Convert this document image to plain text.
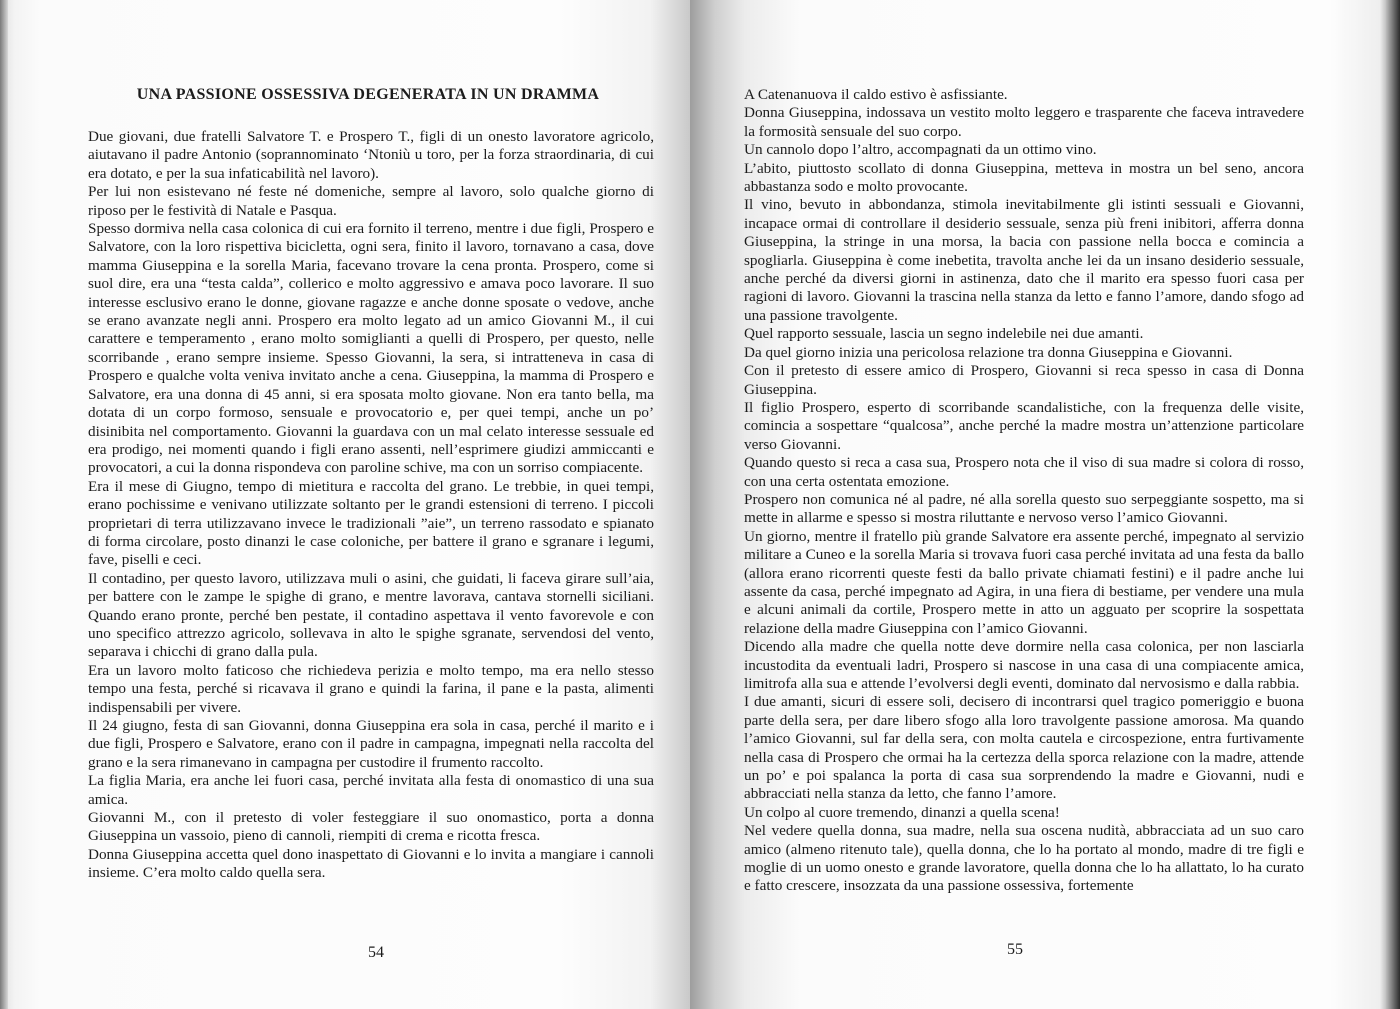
UNA PASSIONE OSSESSIVA DEGENERATA IN UN DRAMMA

Due giovani, due fratelli Salvatore T. e Prospero T., figli di un onesto lavoratore agricolo, aiutavano il padre Antonio (soprannominato ‘Ntoniù u toro, per la forza straordinaria, di cui era dotato, e per la sua infaticabilità nel lavoro).

Per lui non esistevano né feste né domeniche, sempre al lavoro, solo qualche giorno di riposo per le festività di Natale e Pasqua.

Spesso dormiva nella casa colonica di cui era fornito il terreno, mentre i due figli, Prospero e Salvatore, con la loro rispettiva bicicletta, ogni sera, finito il lavoro, tornavano a casa, dove mamma Giuseppina e la sorella Maria, facevano trovare la cena pronta. Prospero, come si suol dire, era una “testa calda”, collerico e molto aggressivo e amava poco lavorare. Il suo interesse esclusivo erano le donne, giovane ragazze e anche donne sposate o vedove, anche se erano avanzate negli anni. Prospero era molto legato ad un amico Giovanni M., il cui carattere e temperamento , erano molto somiglianti a quelli di Prospero, per questo, nelle scorribande , erano sempre insieme. Spesso Giovanni, la sera, si intratteneva in casa di Prospero e qualche volta veniva invitato anche a cena. Giuseppina, la mamma di Prospero e Salvatore, era una donna di 45 anni, si era sposata molto giovane. Non era tanto bella, ma dotata di un corpo formoso, sensuale e provocatorio e, per quei tempi, anche un po’ disinibita nel comportamento. Giovanni la guardava con un mal celato interesse sessuale ed era prodigo, nei momenti quando i figli erano assenti, nell’esprimere giudizi ammiccanti e provocatori, a cui la donna rispondeva con paroline schive, ma con un sorriso compiacente.

Era il mese di Giugno, tempo di mietitura e raccolta del grano. Le trebbie, in quei tempi, erano pochissime e venivano utilizzate soltanto per le grandi estensioni di terreno. I piccoli proprietari di terra utilizzavano invece le tradizionali ”aie”, un terreno rassodato e spianato di forma circolare, posto dinanzi le case coloniche, per battere il grano e sgranare i legumi, fave, piselli e ceci.

Il contadino, per questo lavoro, utilizzava muli o asini, che guidati, li faceva girare sull’aia, per battere con le zampe le spighe di grano, e mentre lavorava, cantava stornelli siciliani. Quando erano pronte, perché ben pestate, il contadino aspettava il vento favorevole e con uno specifico attrezzo agricolo, sollevava in alto le spighe sgranate, servendosi del vento, separava i chicchi di grano dalla pula.

Era un lavoro molto faticoso che richiedeva perizia e molto tempo, ma era nello stesso tempo una festa, perché si ricavava il grano e quindi la farina, il pane e la pasta, alimenti indispensabili per vivere.

Il 24 giugno, festa di san Giovanni, donna Giuseppina era sola in casa, perché il marito e i due figli, Prospero e Salvatore, erano con il padre in campagna, impegnati nella raccolta del grano e la sera rimanevano in campagna per custodire il frumento raccolto.

La figlia Maria, era anche lei fuori casa, perché invitata alla festa di onomastico di una sua amica.

Giovanni M., con il pretesto di voler festeggiare il suo onomastico, porta a donna Giuseppina un vassoio, pieno di cannoli, riempiti di crema e ricotta fresca.

Donna Giuseppina accetta quel dono inaspettato di Giovanni e lo invita a mangiare i cannoli insieme. C’era molto caldo quella sera.

54

A Catenanuova il caldo estivo è asfissiante.

Donna Giuseppina, indossava un vestito molto leggero e trasparente che faceva intravedere la formosità sensuale del suo corpo.

Un cannolo dopo l’altro, accompagnati da un ottimo vino.

L’abito, piuttosto scollato di donna Giuseppina, metteva in mostra un bel seno, ancora abbastanza sodo e molto provocante.

Il vino, bevuto in abbondanza, stimola inevitabilmente gli istinti sessuali e Giovanni, incapace ormai di controllare il desiderio sessuale, senza più freni inibitori, afferra donna Giuseppina, la stringe in una morsa, la bacia con passione nella bocca e comincia a spogliarla. Giuseppina è come inebetita, travolta anche lei da un insano desiderio sessuale, anche perché da diversi giorni in astinenza, dato che il marito era spesso fuori casa per ragioni di lavoro. Giovanni la trascina nella stanza da letto e fanno l’amore, dando sfogo ad una passione travolgente.

Quel rapporto sessuale, lascia un segno indelebile nei due amanti.

Da quel giorno inizia una pericolosa relazione tra donna Giuseppina e Giovanni.

Con il pretesto di essere amico di Prospero, Giovanni si reca spesso in casa di Donna Giuseppina.

Il figlio Prospero, esperto di scorribande scandalistiche, con la frequenza delle visite, comincia a sospettare “qualcosa”, anche perché la madre mostra un’attenzione particolare verso Giovanni.

Quando questo si reca a casa sua, Prospero nota che il viso di sua madre si colora di rosso, con una certa ostentata emozione.

Prospero non comunica né al padre, né alla sorella questo suo serpeggiante sospetto, ma si mette in allarme e spesso si mostra riluttante e nervoso verso l’amico Giovanni.

Un giorno, mentre il fratello più grande Salvatore era assente perché, impegnato al servizio militare a Cuneo e la sorella Maria si trovava fuori casa perché invitata ad una festa da ballo (allora erano ricorrenti queste festi da ballo private chiamati festini) e il padre anche lui assente da casa, perché impegnato ad Agira, in una fiera di bestiame, per vendere una mula e alcuni animali da cortile, Prospero mette in atto un agguato per scoprire la sospettata relazione della madre Giuseppina con l’amico Giovanni.

Dicendo alla madre che quella notte deve dormire nella casa colonica, per non lasciarla incustodita da eventuali ladri, Prospero si nascose in una casa di una compiacente amica, limitrofa alla sua e attende l’evolversi degli eventi, dominato dal nervosismo e dalla rabbia.

I due amanti, sicuri di essere soli, decisero di incontrarsi quel tragico pomeriggio e buona parte della sera, per dare libero sfogo alla loro travolgente passione amorosa. Ma quando l’amico Giovanni, sul far della sera, con molta cautela e circospezione, entra furtivamente nella casa di Prospero che ormai ha la certezza della sporca relazione con la madre, attende un po’ e poi spalanca la porta di casa sua sorprendendo la madre e Giovanni, nudi e abbracciati nella stanza da letto, che fanno l’amore.

Un colpo al cuore tremendo, dinanzi a quella scena!

Nel vedere quella donna, sua madre, nella sua oscena nudità, abbracciata ad un suo caro amico (almeno ritenuto tale), quella donna, che lo ha portato al mondo, madre di tre figli e moglie di un uomo onesto e grande lavoratore, quella donna che lo ha allattato, lo ha curato e fatto crescere, insozzata da una passione ossessiva, fortemente

55
